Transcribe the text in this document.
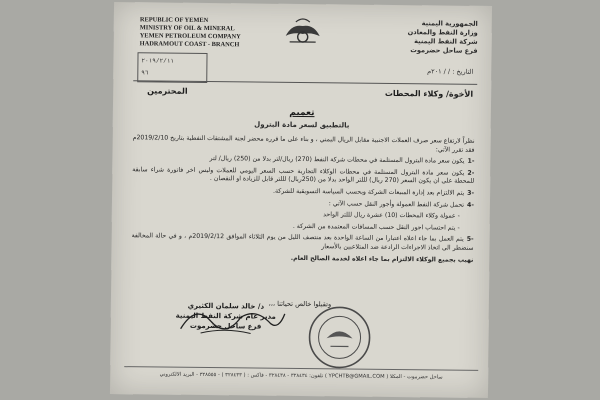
REPUBLIC OF YEMEN
MINISTRY OF OIL & MINERAL
YEMEN PETROLEUM COMPANY
HADRAMOUT COAST - BRANCH
الجمهورية اليمنية
وزارة النفط والمعادن
شركة النفط اليمنية
فرع ساحل حضرموت
٢٠١٩/٢/١١
٩٦	التاريخ : / / ٢٠١م
الأخوة/ وكلاء المحطات
المحترمين
تعميم
بالتطبيق لسعر مادة البترول

نظراً لارتفاع سعر صرف العملات الاجنبية مقابل الريال اليمني ، و بناء على ما قرره محضر لجنة المشتقات النفطية بتاريخ 2019/2/10م فقد تقرر الآتي:

-1يكون سعر مادة البترول المستلمة في محطات شركة النفط (270) ريال/لتر بدلا من (250) ريال/ لتر
-2يكون سعر مادة البترول المستلمة في محطات الوكلاء التجارية حسب السعر اليومي للعملات وليس اخر فاتورة شراء سابقة للمحطة على ان يكون السعر (270 ريال) لللتر الواحد بدلا من (250ريال) لللتر قابل للزيادة او النقصان .
-3يتم الالتزام بعد إدارة المبيعات الشركة وبحسب السياسة التسويقية للشركة.
-4تحمل شركة النفط العمولة وأجور النقل حسب الآتي :
- عمولة وكلاء المحطات (10) عشرة ريال لللتر الواحد
- يتم احتساب اجور النقل حسب المسافات المعتمدة من الشركة .
-5يتم العمل بما جاء اعلاه اعتبارا من الساعة الواحدة بعد منتصف الليل من يوم الثلاثاء الموافق 2019/2/12م ، و في حالة المخالفة سنضطر الى اتخاذ الاجراءات الرادعة ضد المتلاعبين بالأسعار

نهيب بجميع الوكلاء الالتزام بما جاء اعلاه لخدمة الصالح العام.

وتقبلوا خالص تحياتنا ،،،
د/ خالد سلمان الكثيري
مدير عام شركة النفط اليمنية
فرع ساحل حضرموت
ساحل حضرموت - المكلا ( YPCHTB@GMAIL.COM ) تلفون: ٣٢٨٤٣٤ - ٣٢٨٤٣٨ - فاكس : ( ٣٢٨٤٣٣ ) - ٣٢٨٥٥٥ - البريد الالكتروني
